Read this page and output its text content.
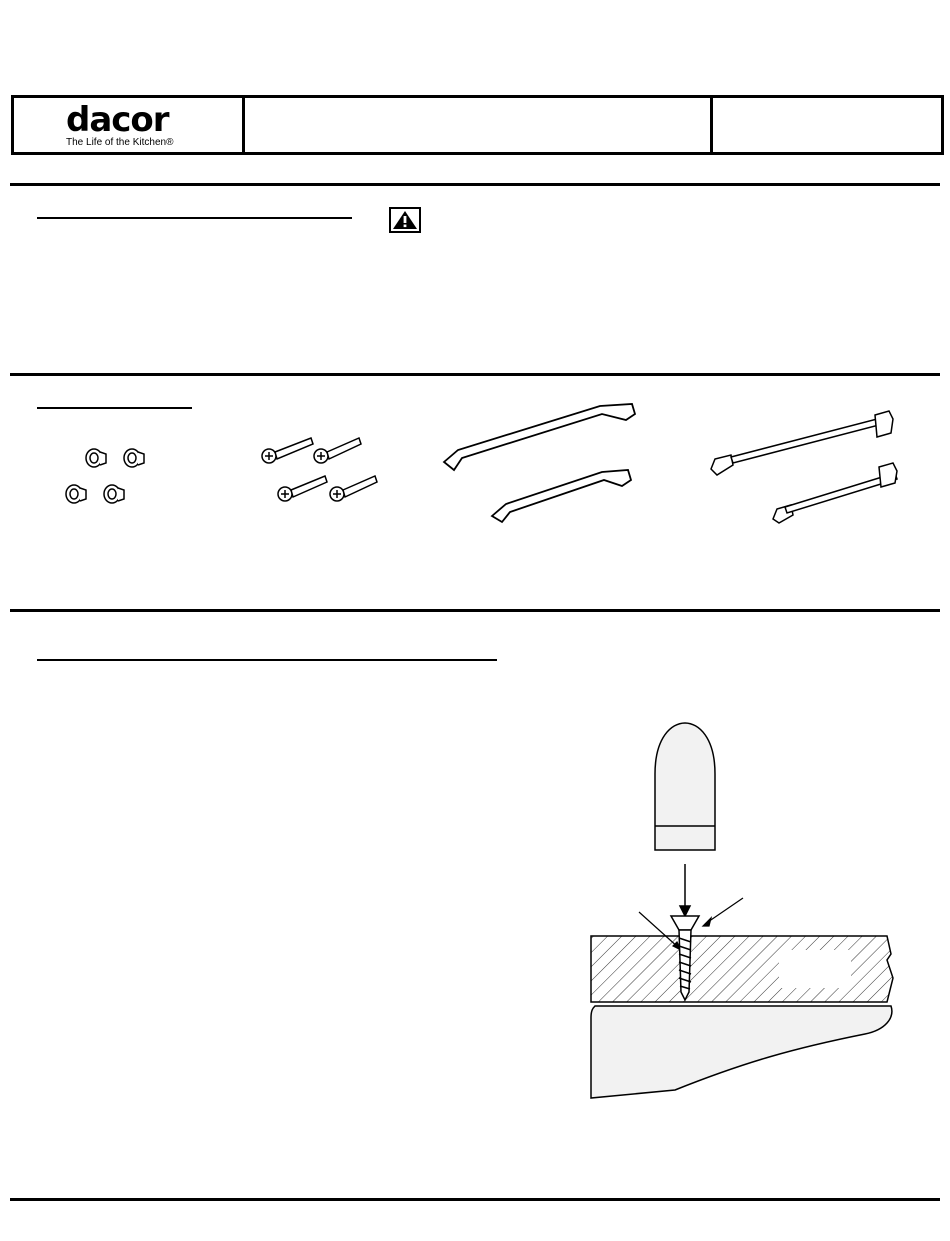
dacor
The Life of the Kitchen®
